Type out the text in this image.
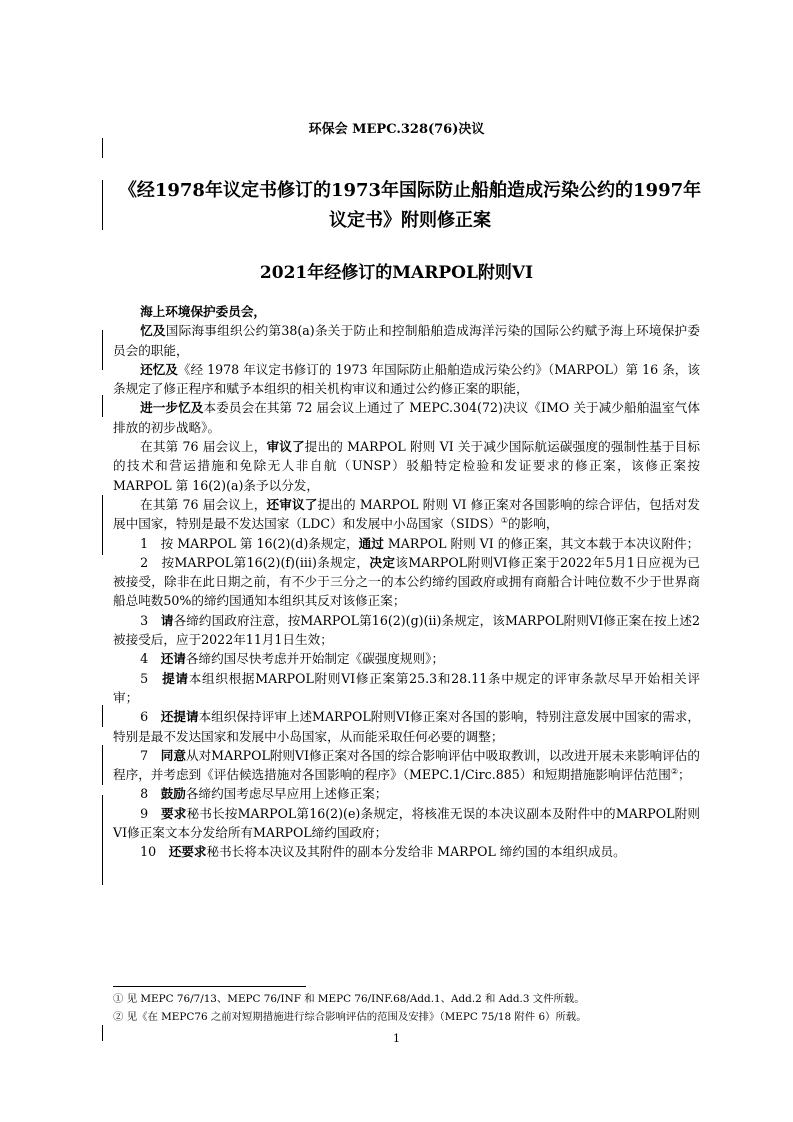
环保会 MEPC.328(76)决议
《经1978年议定书修订的1973年国际防止船舶造成污染公约的1997年议定书》附则修正案
2021年经修订的MARPOL附则VI

海上环境保护委员会，

忆及国际海事组织公约第38(a)条关于防止和控制船舶造成海洋污染的国际公约赋予海上环境保护委员会的职能，

还忆及《经 1978 年议定书修订的 1973 年国际防止船舶造成污染公约》（MARPOL）第 16 条，该条规定了修正程序和赋予本组织的相关机构审议和通过公约修正案的职能，

进一步忆及本委员会在其第 72 届会议上通过了 MEPC.304(72)决议《IMO 关于减少船舶温室气体排放的初步战略》。

在其第 76 届会议上，审议了提出的 MARPOL 附则 VI 关于减少国际航运碳强度的强制性基于目标的技术和营运措施和免除无人非自航（UNSP）驳船特定检验和发证要求的修正案，该修正案按 MARPOL 第 16(2)(a)条予以分发，

在其第 76 届会议上，还审议了提出的 MARPOL 附则 VI 修正案对各国影响的综合评估，包括对发展中国家，特别是最不发达国家（LDC）和发展中小岛国家（SIDS）①的影响，

1　按 MARPOL 第 16(2)(d)条规定，通过 MARPOL 附则 VI 的修正案，其文本载于本决议附件；

2　按MARPOL第16(2)(f)(iii)条规定，决定该MARPOL附则VI修正案于2022年5月1日应视为已被接受，除非在此日期之前，有不少于三分之一的本公约缔约国政府或拥有商船合计吨位数不少于世界商船总吨数50%的缔约国通知本组织其反对该修正案；

3　请各缔约国政府注意，按MARPOL第16(2)(g)(ii)条规定，该MARPOL附则VI修正案在按上述2被接受后，应于2022年11月1日生效；

4　还请各缔约国尽快考虑并开始制定《碳强度规则》；

5　提请本组织根据MARPOL附则VI修正案第25.3和28.11条中规定的评审条款尽早开始相关评审；

6　还提请本组织保持评审上述MARPOL附则VI修正案对各国的影响，特别注意发展中国家的需求，特别是最不发达国家和发展中小岛国家，从而能采取任何必要的调整；

7　同意从对MARPOL附则VI修正案对各国的综合影响评估中吸取教训，以改进开展未来影响评估的程序，并考虑到《评估候选措施对各国影响的程序》（MEPC.1/Circ.885）和短期措施影响评估范围②；

8　鼓励各缔约国考虑尽早应用上述修正案；

9　要求秘书长按MARPOL第16(2)(e)条规定，将核准无误的本决议副本及附件中的MARPOL附则VI修正案文本分发给所有MARPOL缔约国政府；

10　还要求秘书长将本决议及其附件的副本分发给非 MARPOL 缔约国的本组织成员。

① 见 MEPC 76/7/13、MEPC 76/INF 和 MEPC 76/INF.68/Add.1、Add.2 和 Add.3 文件所载。
② 见《在 MEPC76 之前对短期措施进行综合影响评估的范围及安排》（MEPC 75/18 附件 6）所载。
1
